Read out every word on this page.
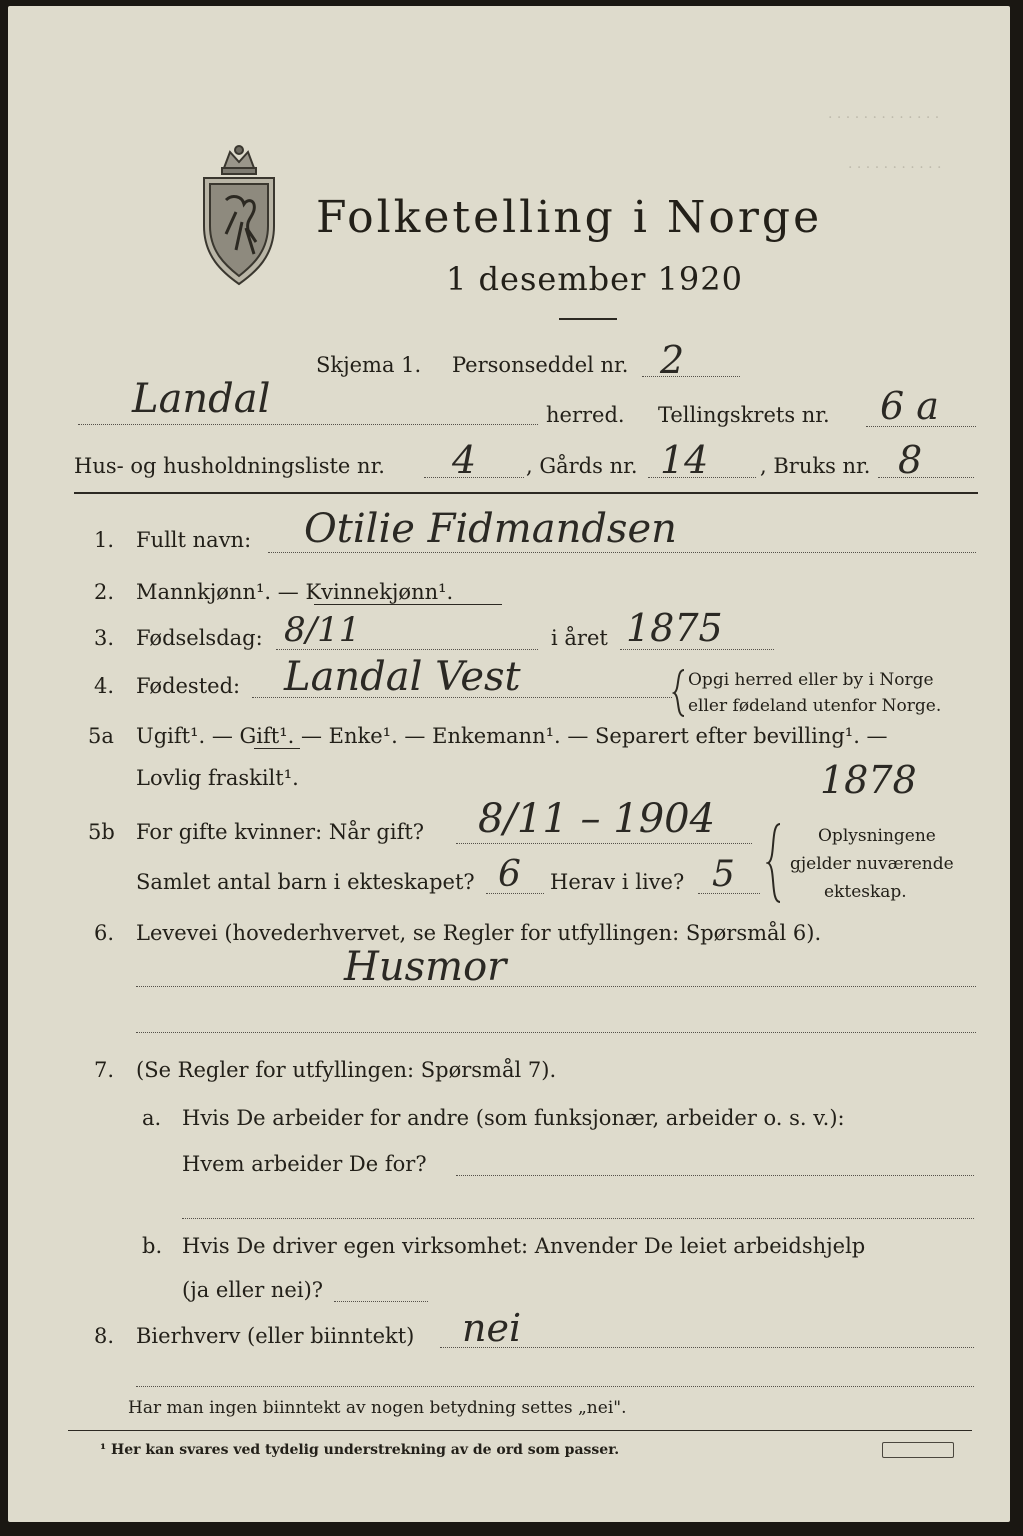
. . . . . . . . . . . . .
. . . . . . . . . . .
Folketelling i Norge
1 desember 1920
Skjema 1. Personseddel nr. 2
Landal	herred. Tellingskrets nr. 6 a
Hus- og husholdningsliste nr. 4 , Gårds nr. 14 , Bruks nr. 8
1. Fullt navn: Otilie Fidmandsen
2. Mannkjønn¹. — Kvinnekjønn¹.
3. Fødselsdag: 8/11	i året 1875
4. Fødested: Landal Vest	Opgi herred eller by i Norge
eller fødeland utenfor Norge.
5a Ugift¹. — Gift¹. — Enke¹. — Enkemann¹. — Separert efter bevilling¹. —
Lovlig fraskilt¹.	1878
5b For gifte kvinner: Når gift? 8/11 – 1904
Samlet antal barn i ekteskapet? 6 Herav i live? 5
Oplysningene
gjelder nuværende
ekteskap.
6. Levevei (hovederhvervet, se Regler for utfyllingen: Spørsmål 6).
Husmor
7. (Se Regler for utfyllingen: Spørsmål 7).
a. Hvis De arbeider for andre (som funksjonær, arbeider o. s. v.):
Hvem arbeider De for?
b. Hvis De driver egen virksomhet: Anvender De leiet arbeidshjelp
(ja eller nei)?
8. Bierhverv (eller biinntekt) nei
Har man ingen biinntekt av nogen betydning settes „nei".
¹ Her kan svares ved tydelig understrekning av de ord som passer.
